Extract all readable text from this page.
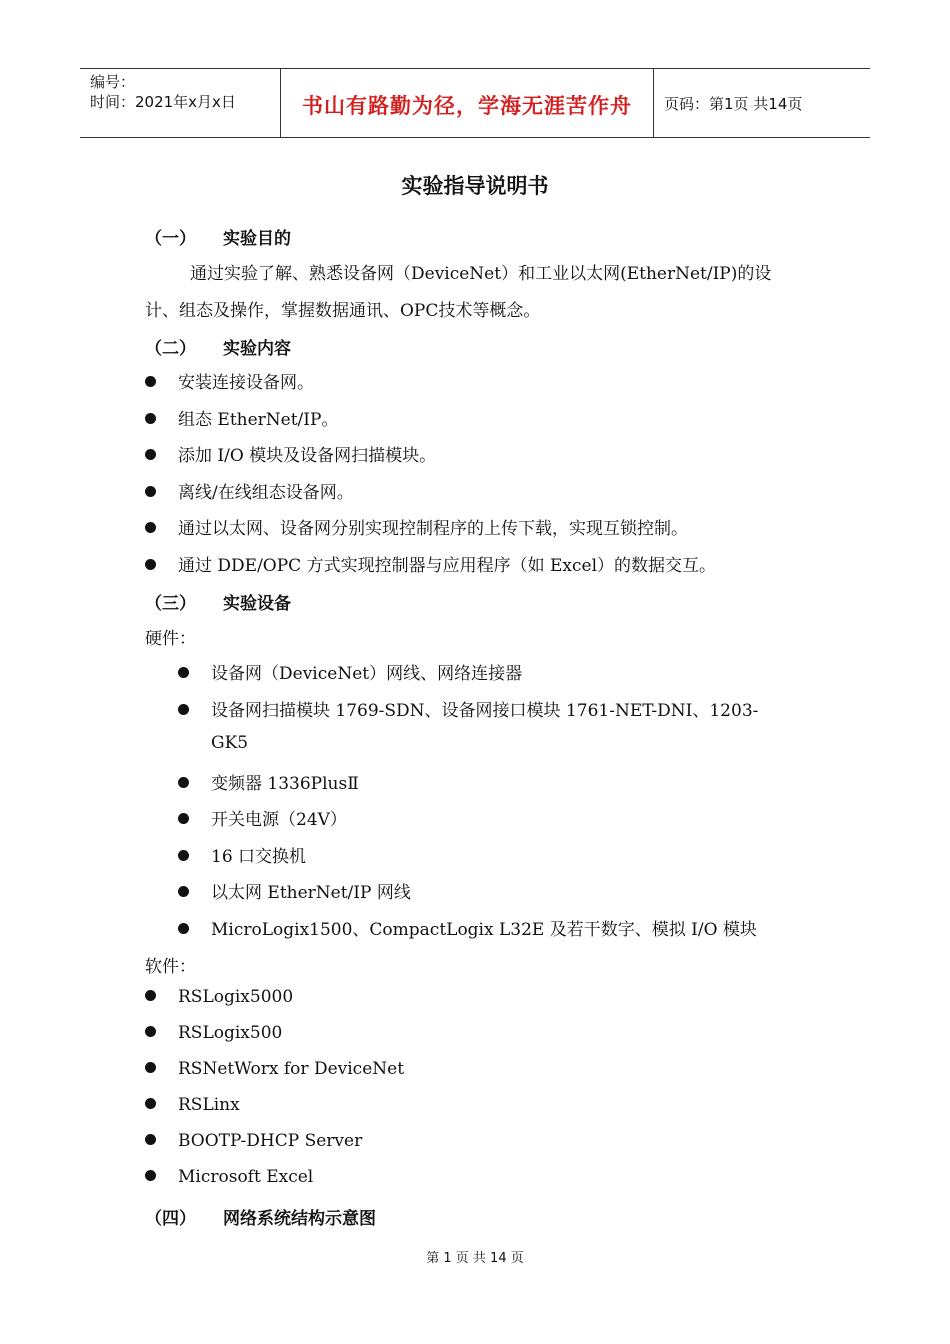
编号：
时间：2021年x月x日	书山有路勤为径，学海无涯苦作舟	页码：第1页 共14页
实验指导说明书
（一） 实验目的
通过实验了解、熟悉设备网（DeviceNet）和工业以太网(EtherNet/IP)的设
计、组态及操作，掌握数据通讯、OPC技术等概念。
（二） 实验内容
安装连接设备网。
组态 EtherNet/IP。
添加 I/O 模块及设备网扫描模块。
离线/在线组态设备网。
通过以太网、设备网分别实现控制程序的上传下载，实现互锁控制。
通过 DDE/OPC 方式实现控制器与应用程序（如 Excel）的数据交互。
（三） 实验设备
硬件：
设备网（DeviceNet）网线、网络连接器
设备网扫描模块 1769-SDN、设备网接口模块 1761-NET-DNI、1203-
GK5
变频器 1336PlusⅡ
开关电源（24V）
16 口交换机
以太网 EtherNet/IP 网线
MicroLogix1500、CompactLogix L32E 及若干数字、模拟 I/O 模块
软件：
RSLogix5000
RSLogix500
RSNetWorx for DeviceNet
RSLinx
BOOTP-DHCP Server
Microsoft Excel
（四） 网络系统结构示意图
第 1 页 共 14 页
